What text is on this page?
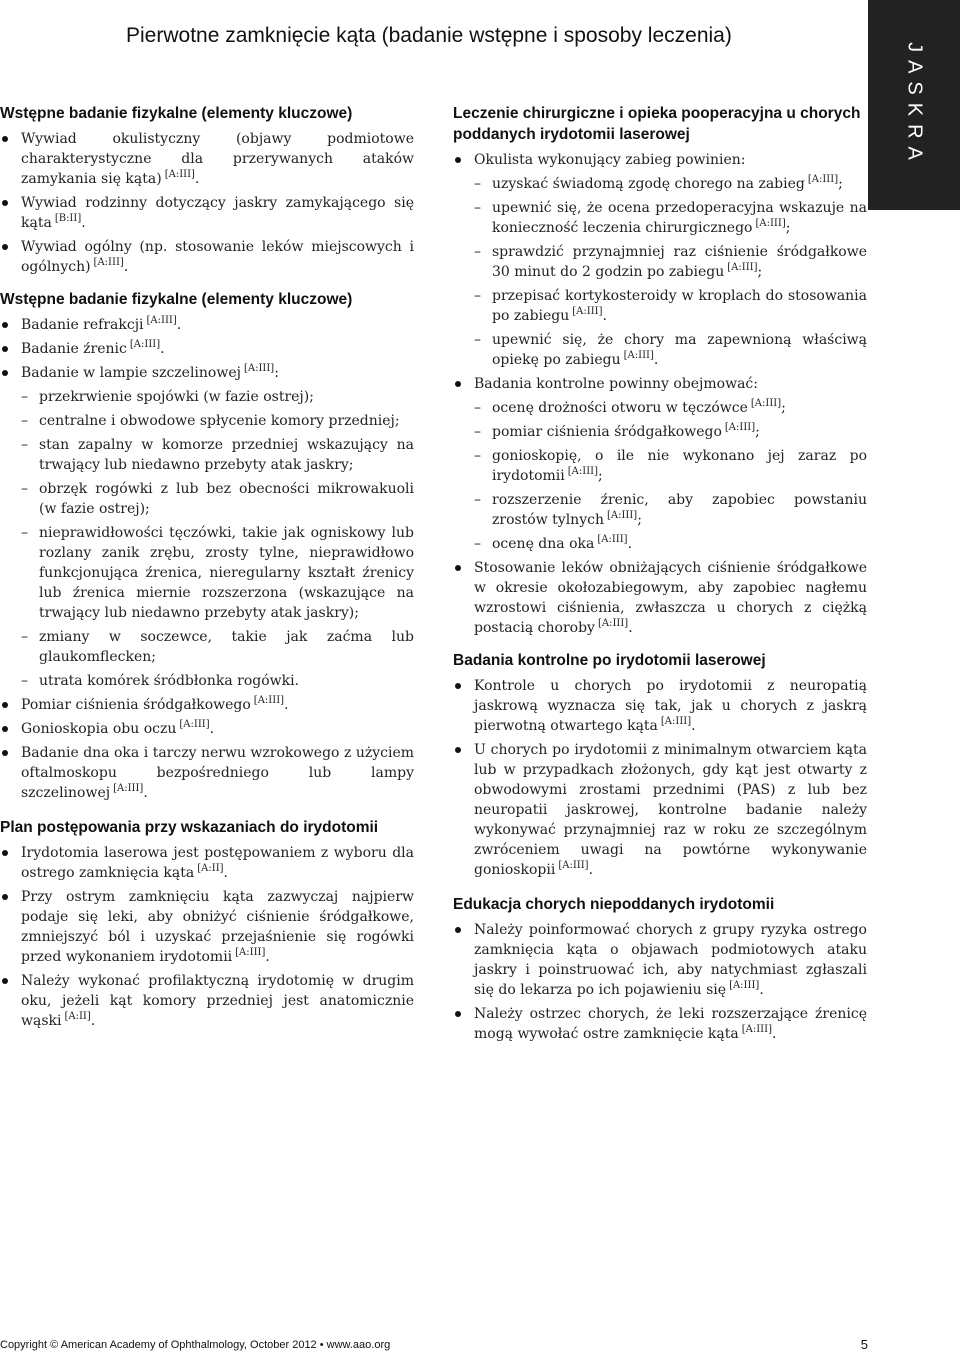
Pierwotne zamknięcie kąta (badanie wstępne i sposoby leczenia)
JASKRA
Wstępne badanie fizykalne (elementy kluczowe)
Wywiad okulistyczny (objawy podmiotowe charakterystyczne dla przerywanych ataków zamykania się kąta) [A:III].
Wywiad rodzinny dotyczący jaskry zamykającego się kąta [B:II].
Wywiad ogólny (np. stosowanie leków miejscowych i ogólnych) [A:III].
Wstępne badanie fizykalne (elementy kluczowe)
Badanie refrakcji [A:III].
Badanie źrenic [A:III].
Badanie w lampie szczelinowej [A:III]:
– przekrwienie spojówki (w fazie ostrej);
– centralne i obwodowe spłycenie komory przedniej;
– stan zapalny w komorze przedniej wskazujący na trwający lub niedawno przebyty atak jaskry;
– obrzęk rogówki z lub bez obecności mikrowakuoli (w fazie ostrej);
– nieprawidłowości tęczówki, takie jak ogniskowy lub rozlany zanik zrębu, zrosty tylne, nieprawidłowo funkcjonująca źrenica, nieregularny kształt źrenicy lub źrenica miernie rozszerzona (wskazujące na trwający lub niedawno przebyty atak jaskry);
– zmiany w soczewce, takie jak zaćma lub glaukomflecken;
– utrata komórek śródbłonka rogówki.
Pomiar ciśnienia śródgałkowego [A:III].
Gonioskopia obu oczu [A:III].
Badanie dna oka i tarczy nerwu wzrokowego z użyciem oftalmoskopu bezpośredniego lub lampy szczelinowej [A:III].
Plan postępowania przy wskazaniach do irydotomii
Irydotomia laserowa jest postępowaniem z wyboru dla ostrego zamknięcia kąta [A:II].
Przy ostrym zamknięciu kąta zazwyczaj najpierw podaje się leki, aby obniżyć ciśnienie śródgałkowe, zmniejszyć ból i uzyskać przejaśnienie się rogówki przed wykonaniem irydotomii [A:III].
Należy wykonać profilaktyczną irydotomię w drugim oku, jeżeli kąt komory przedniej jest anatomicznie wąski [A:II].
Leczenie chirurgiczne i opieka pooperacyjna u chorych poddanych irydotomii laserowej
Okulista wykonujący zabieg powinien:
– uzyskać świadomą zgodę chorego na zabieg [A:III];
– upewnić się, że ocena przedoperacyjna wskazuje na konieczność leczenia chirurgicznego [A:III];
– sprawdzić przynajmniej raz ciśnienie śródgałkowe 30 minut do 2 godzin po zabiegu [A:III];
– przepisać kortykosteroidy w kroplach do stosowania po zabiegu [A:III].
– upewnić się, że chory ma zapewnioną właściwą opiekę po zabiegu [A:III].
Badania kontrolne powinny obejmować:
– ocenę drożności otworu w tęczówce [A:III];
– pomiar ciśnienia śródgałkowego [A:III];
– gonioskopię, o ile nie wykonano jej zaraz po irydotomii [A:III];
– rozszerzenie źrenic, aby zapobiec powstaniu zrostów tylnych [A:III];
– ocenę dna oka [A:III].
Stosowanie leków obniżających ciśnienie śródgałkowe w okresie okołozabiegowym, aby zapobiec nagłemu wzrostowi ciśnienia, zwłaszcza u chorych z ciężką postacią choroby [A:III].
Badania kontrolne po irydotomii laserowej
Kontrole u chorych po irydotomii z neuropatią jaskrową wyznacza się tak, jak u chorych z jaskrą pierwotną otwartego kąta [A:III].
U chorych po irydotomii z minimalnym otwarciem kąta lub w przypadkach złożonych, gdy kąt jest otwarty z obwodowymi zrostami przednimi (PAS) z lub bez neuropatii jaskrowej, kontrolne badanie należy wykonywać przynajmniej raz w roku ze szczególnym zwróceniem uwagi na powtórne wykonywanie gonioskopii [A:III].
Edukacja chorych niepoddanych irydotomii
Należy poinformować chorych z grupy ryzyka ostrego zamknięcia kąta o objawach podmiotowych ataku jaskry i poinstruować ich, aby natychmiast zgłaszali się do lekarza po ich pojawieniu się [A:III].
Należy ostrzec chorych, że leki rozszerzające źrenicę mogą wywołać ostre zamknięcie kąta [A:III].
Copyright © American Academy of Ophthalmology, October 2012 • www.aao.org	5
